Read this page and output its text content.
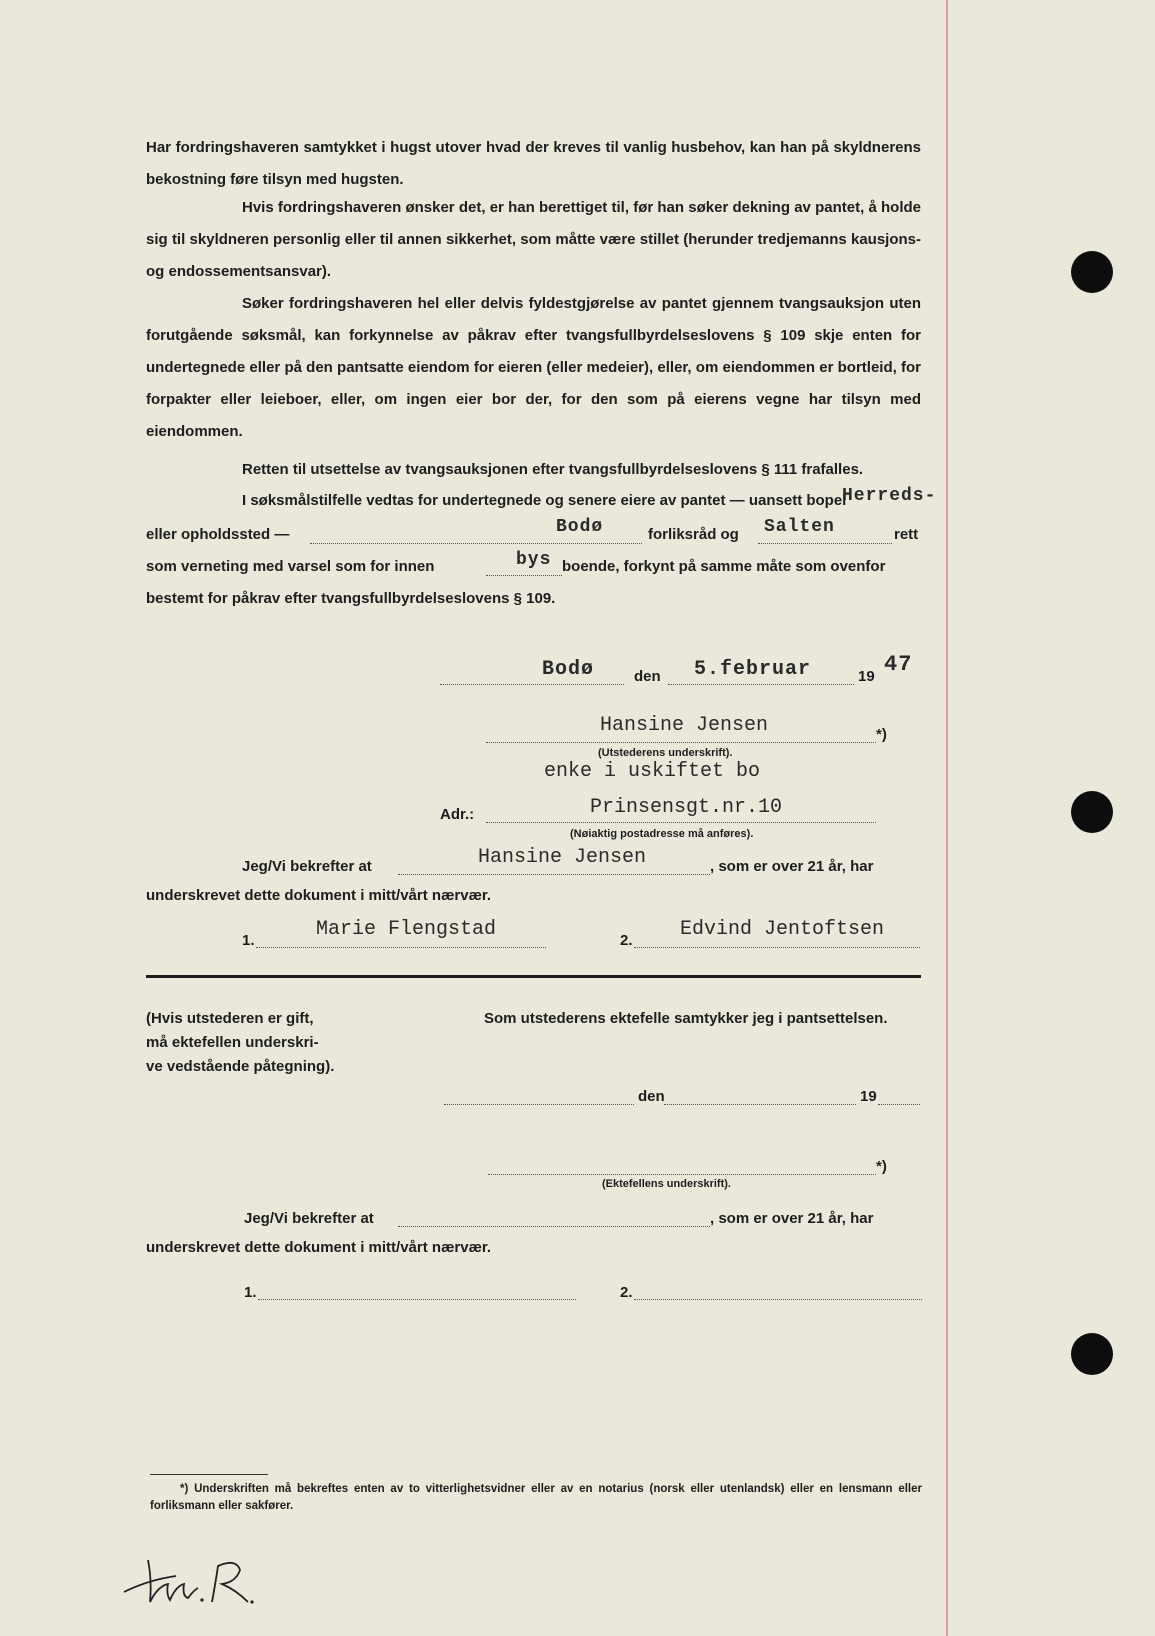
Har fordringshaveren samtykket i hugst utover hvad der kreves til vanlig husbehov, kan han på skyldnerens bekostning føre tilsyn med hugsten.
Hvis fordringshaveren ønsker det, er han berettiget til, før han søker dekning av pantet, å holde sig til skyldneren personlig eller til annen sikkerhet, som måtte være stillet (herunder tredjemanns kausjons- og endossementsansvar).
Søker fordringshaveren hel eller delvis fyldestgjørelse av pantet gjennem tvangsauksjon uten forutgående søksmål, kan forkynnelse av påkrav efter tvangsfullbyrdelseslovens § 109 skje enten for undertegnede eller på den pantsatte eiendom for eieren (eller medeier), eller, om eiendommen er bortleid, for forpakter eller leieboer, eller, om ingen eier bor der, for den som på eierens vegne har tilsyn med eiendommen.
Retten til utsettelse av tvangsauksjonen efter tvangsfullbyrdelseslovens § 111 frafalles.
I søksmålstilfelle vedtas for undertegnede og senere eiere av pantet — uansett bopel
Herreds-
eller opholdssted —	Bodø	forliksråd og Salten	rett
som verneting med varsel som for innen	bys boende, forkynt på samme måte som ovenfor
bestemt for påkrav efter tvangsfullbyrdelseslovens § 109.
Bodø	den 5.februar	19 47
Hansine Jensen	*)
(Utstederens underskrift).
enke i uskiftet bo
Adr.:	Prinsensgt.nr.10
(Nøiaktig postadresse må anføres).
Jeg/Vi bekrefter at	Hansine Jensen	, som er over 21 år, har
underskrevet dette dokument i mitt/vårt nærvær.
1.	Marie Flengstad	2. Edvind Jentoftsen
(Hvis utstederen er gift,
må ektefellen underskri-
ve vedstående påtegning).
Som utstederens ektefelle samtykker jeg i pantsettelsen.
den	19
*)
(Ektefellens underskrift).
Jeg/Vi bekrefter at	, som er over 21 år, har
underskrevet dette dokument i mitt/vårt nærvær.
1.	2.
*) Underskriften må bekreftes enten av to vitterlighetsvidner eller av en notarius (norsk eller utenlandsk) eller en lensmann eller forliksmann eller sakfører.
